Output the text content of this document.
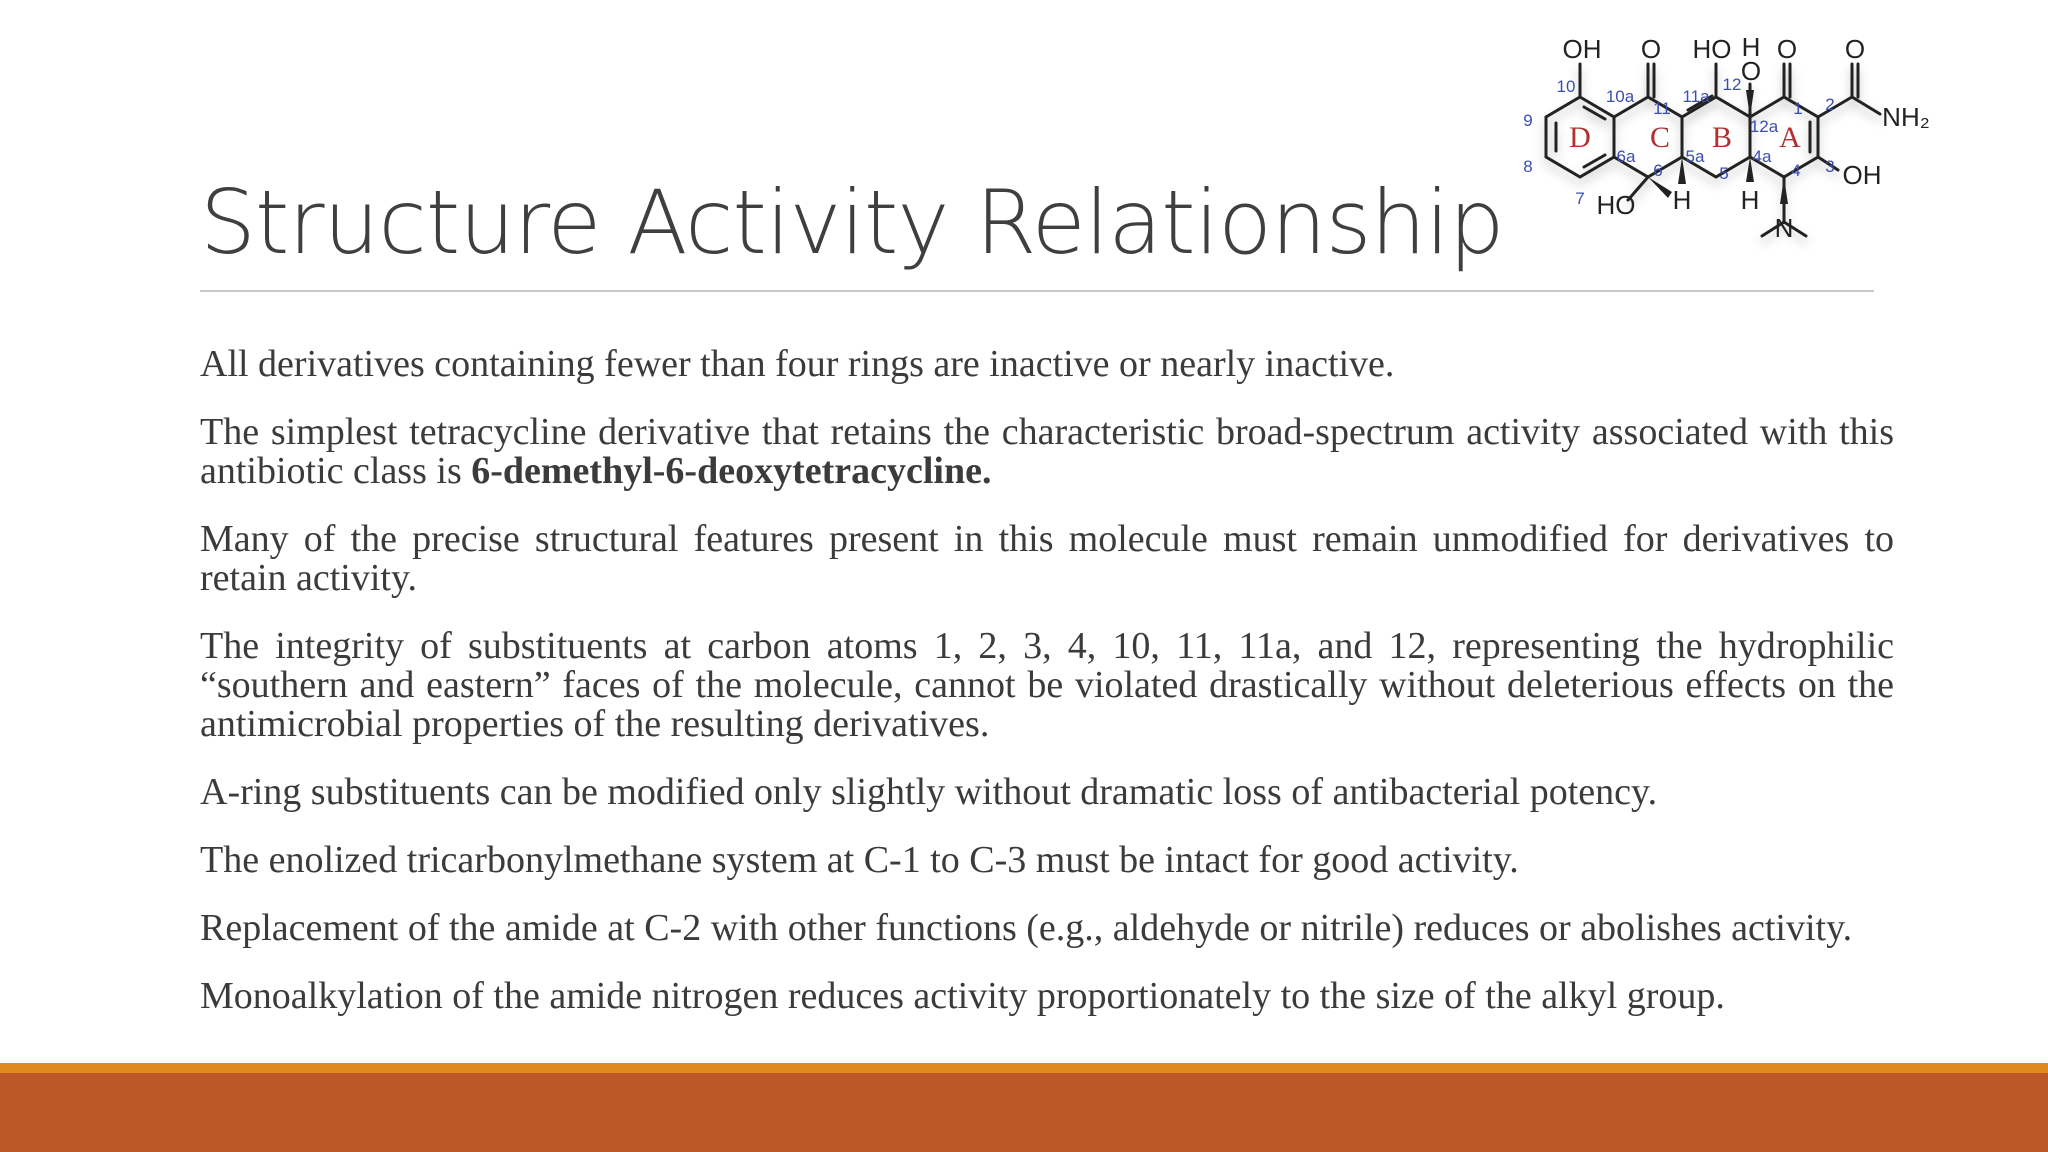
Structure Activity Relationship
OH O HO H
O
O O
NH₂
OH
HO H H
N
D C B A
10
10a
11
11a
12
12a
1 2
3
4
4a
5
5a
6
6a
7
8
9

All derivatives containing fewer than four rings are inactive or nearly inactive.

The simplest tetracycline derivative that retains the characteristic broad-spectrum activity associated with this antibiotic class is 6-demethyl-6-deoxytetracycline.

Many of the precise structural features present in this molecule must remain unmodified for derivatives to retain activity.

The integrity of substituents at carbon atoms 1, 2, 3, 4, 10, 11, 11a, and 12, representing the hydrophilic “southern and eastern” faces of the molecule, cannot be violated drastically without deleterious effects on the antimicrobial properties of the resulting derivatives.

A-ring substituents can be modified only slightly without dramatic loss of antibacterial potency.

The enolized tricarbonylmethane system at C-1 to C-3 must be intact for good activity.

Replacement of the amide at C-2 with other functions (e.g., aldehyde or nitrile) reduces or abolishes activity.

Monoalkylation of the amide nitrogen reduces activity proportionately to the size of the alkyl group.
